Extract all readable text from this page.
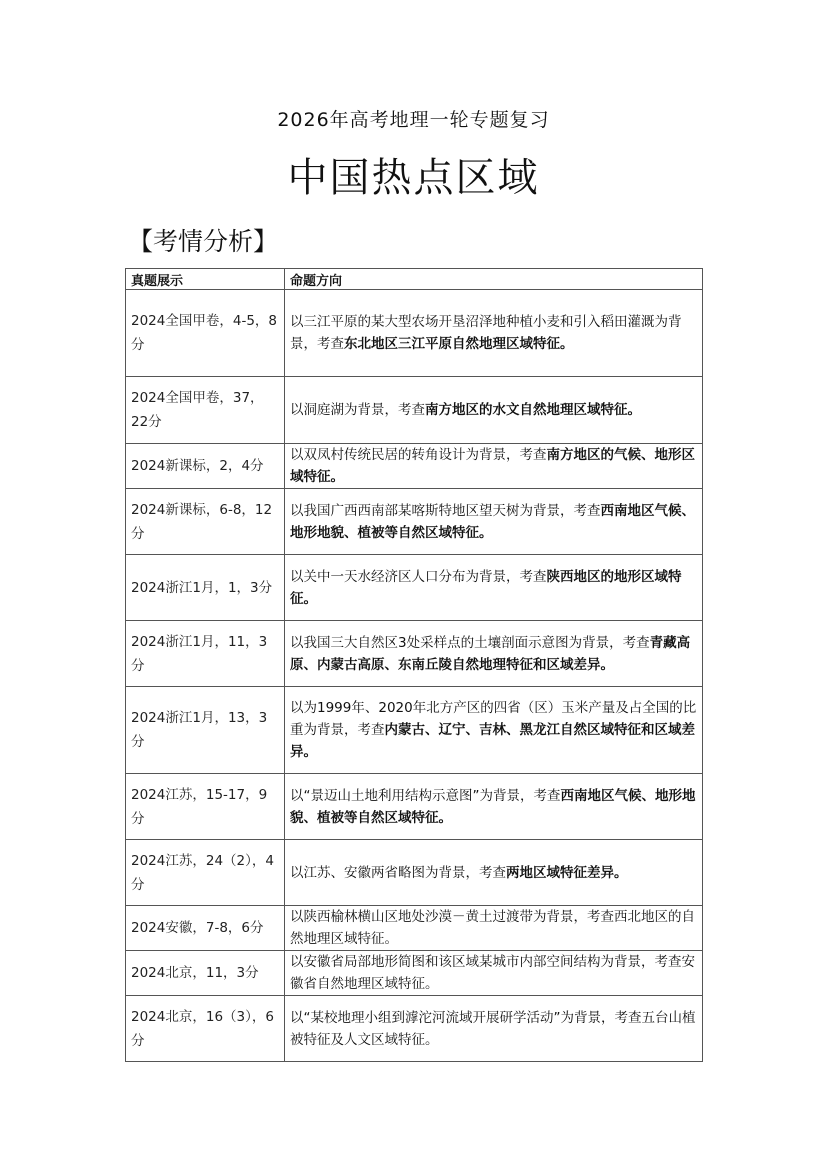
2026年高考地理一轮专题复习
中国热点区域
【考情分析】
真题展示	命题方向
2024全国甲卷，4-5，8分	以三江平原的某大型农场开垦沼泽地种植小麦和引入稻田灌溉为背景，考查东北地区三江平原自然地理区域特征。
2024全国甲卷，37，22分	以洞庭湖为背景，考查南方地区的水文自然地理区域特征。
2024新课标，2，4分	以双凤村传统民居的转角设计为背景，考查南方地区的气候、地形区域特征。
2024新课标，6-8，12分	以我国广西西南部某喀斯特地区望天树为背景，考查西南地区气候、地形地貌、植被等自然区域特征。
2024浙江1月，1，3分	以关中一天水经济区人口分布为背景，考查陕西地区的地形区域特征。
2024浙江1月，11，3分	以我国三大自然区3处采样点的土壤剖面示意图为背景，考查青藏高原、内蒙古高原、东南丘陵自然地理特征和区域差异。
2024浙江1月，13，3分	以为1999年、2020年北方产区的四省（区）玉米产量及占全国的比重为背景，考查内蒙古、辽宁、吉林、黑龙江自然区域特征和区域差异。
2024江苏，15-17，9分	以“景迈山土地利用结构示意图”为背景，考查西南地区气候、地形地貌、植被等自然区域特征。
2024江苏，24（2），4分	以江苏、安徽两省略图为背景，考查两地区域特征差异。
2024安徽，7-8，6分	以陕西榆林横山区地处沙漠－黄土过渡带为背景，考查西北地区的自然地理区域特征。
2024北京，11，3分	以安徽省局部地形简图和该区域某城市内部空间结构为背景，考查安徽省自然地理区域特征。
2024北京，16（3），6分	以“某校地理小组到滹沱河流域开展研学活动”为背景，考查五台山植被特征及人文区域特征。
